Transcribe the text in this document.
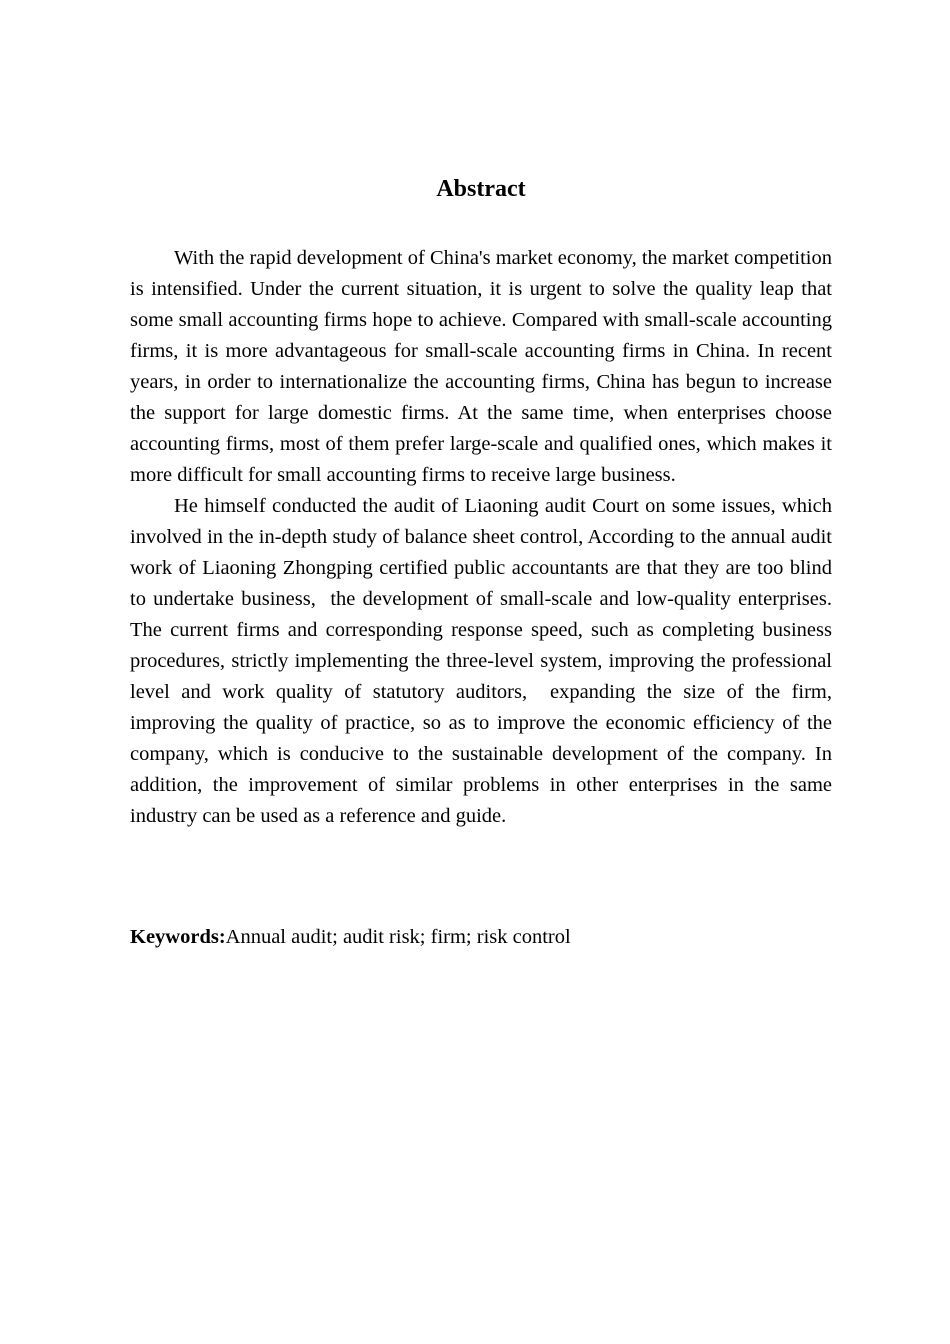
Abstract

With the rapid development of China's market economy, the market competition is intensified. Under the current situation, it is urgent to solve the quality leap that some small accounting firms hope to achieve. Compared with small-scale accounting firms, it is more advantageous for small-scale accounting firms in China. In recent years, in order to internationalize the accounting firms, China has begun to increase the support for large domestic firms. At the same time, when enterprises choose accounting firms, most of them prefer large-scale and qualified ones, which makes it more difficult for small accounting firms to receive large business.

He himself conducted the audit of Liaoning audit Court on some issues, which involved in the in-depth study of balance sheet control, According to the annual audit work of Liaoning Zhongping certified public accountants are that they are too blind to undertake business,  the development of small-scale and low-quality enterprises. The current firms and corresponding response speed, such as completing business procedures, strictly implementing the three-level system, improving the professional level and work quality of statutory auditors,  expanding the size of the firm, improving the quality of practice, so as to improve the economic efficiency of the company, which is conducive to the sustainable development of the company. In addition, the improvement of similar problems in other enterprises in the same industry can be used as a reference and guide.

Keywords:Annual audit; audit risk; firm; risk control
